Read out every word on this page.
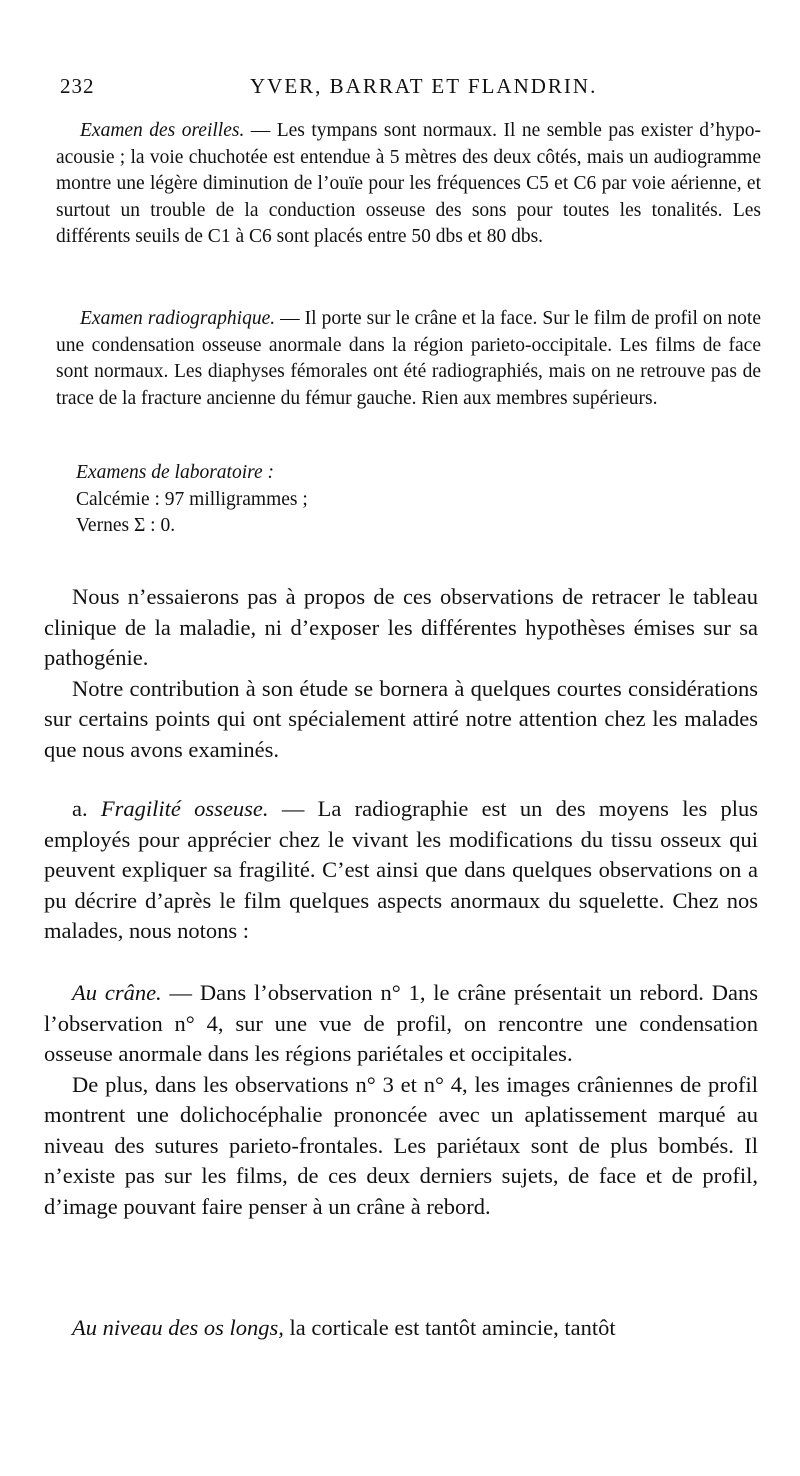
232	YVER, BARRAT ET FLANDRIN.

Examen des oreilles. — Les tympans sont normaux. Il ne semble pas exister d’hypo-acousie ; la voie chuchotée est entendue à 5 mètres des deux côtés, mais un audiogramme montre une légère diminution de l’ouïe pour les fréquences C5 et C6 par voie aérienne, et surtout un trouble de la conduction osseuse des sons pour toutes les tonalités. Les différents seuils de C1 à C6 sont placés entre 50 dbs et 80 dbs.

Examen radiographique. — Il porte sur le crâne et la face. Sur le film de profil on note une condensation osseuse anormale dans la région parieto-occipitale. Les films de face sont normaux. Les diaphyses fémorales ont été radiographiés, mais on ne retrouve pas de trace de la fracture ancienne du fémur gauche. Rien aux membres supérieurs.

Examens de laboratoire :
Calcémie : 97 milligrammes ;
Vernes Σ : 0.

Nous n’essaierons pas à propos de ces observations de retracer le tableau clinique de la maladie, ni d’exposer les différentes hypothèses émises sur sa pathogénie.

Notre contribution à son étude se bornera à quelques courtes considérations sur certains points qui ont spécialement attiré notre attention chez les malades que nous avons examinés.

a. Fragilité osseuse. — La radiographie est un des moyens les plus employés pour apprécier chez le vivant les modifications du tissu osseux qui peuvent expliquer sa fragilité. C’est ainsi que dans quelques observations on a pu décrire d’après le film quelques aspects anormaux du squelette. Chez nos malades, nous notons :

Au crâne. — Dans l’observation n° 1, le crâne présentait un rebord. Dans l’observation n° 4, sur une vue de profil, on rencontre une condensation osseuse anormale dans les régions pariétales et occipitales.

De plus, dans les observations n° 3 et n° 4, les images crâniennes de profil montrent une dolichocéphalie prononcée avec un aplatissement marqué au niveau des sutures parieto-frontales. Les pariétaux sont de plus bombés. Il n’existe pas sur les films, de ces deux derniers sujets, de face et de profil, d’image pouvant faire penser à un crâne à rebord.

Au niveau des os longs, la corticale est tantôt amincie, tantôt
